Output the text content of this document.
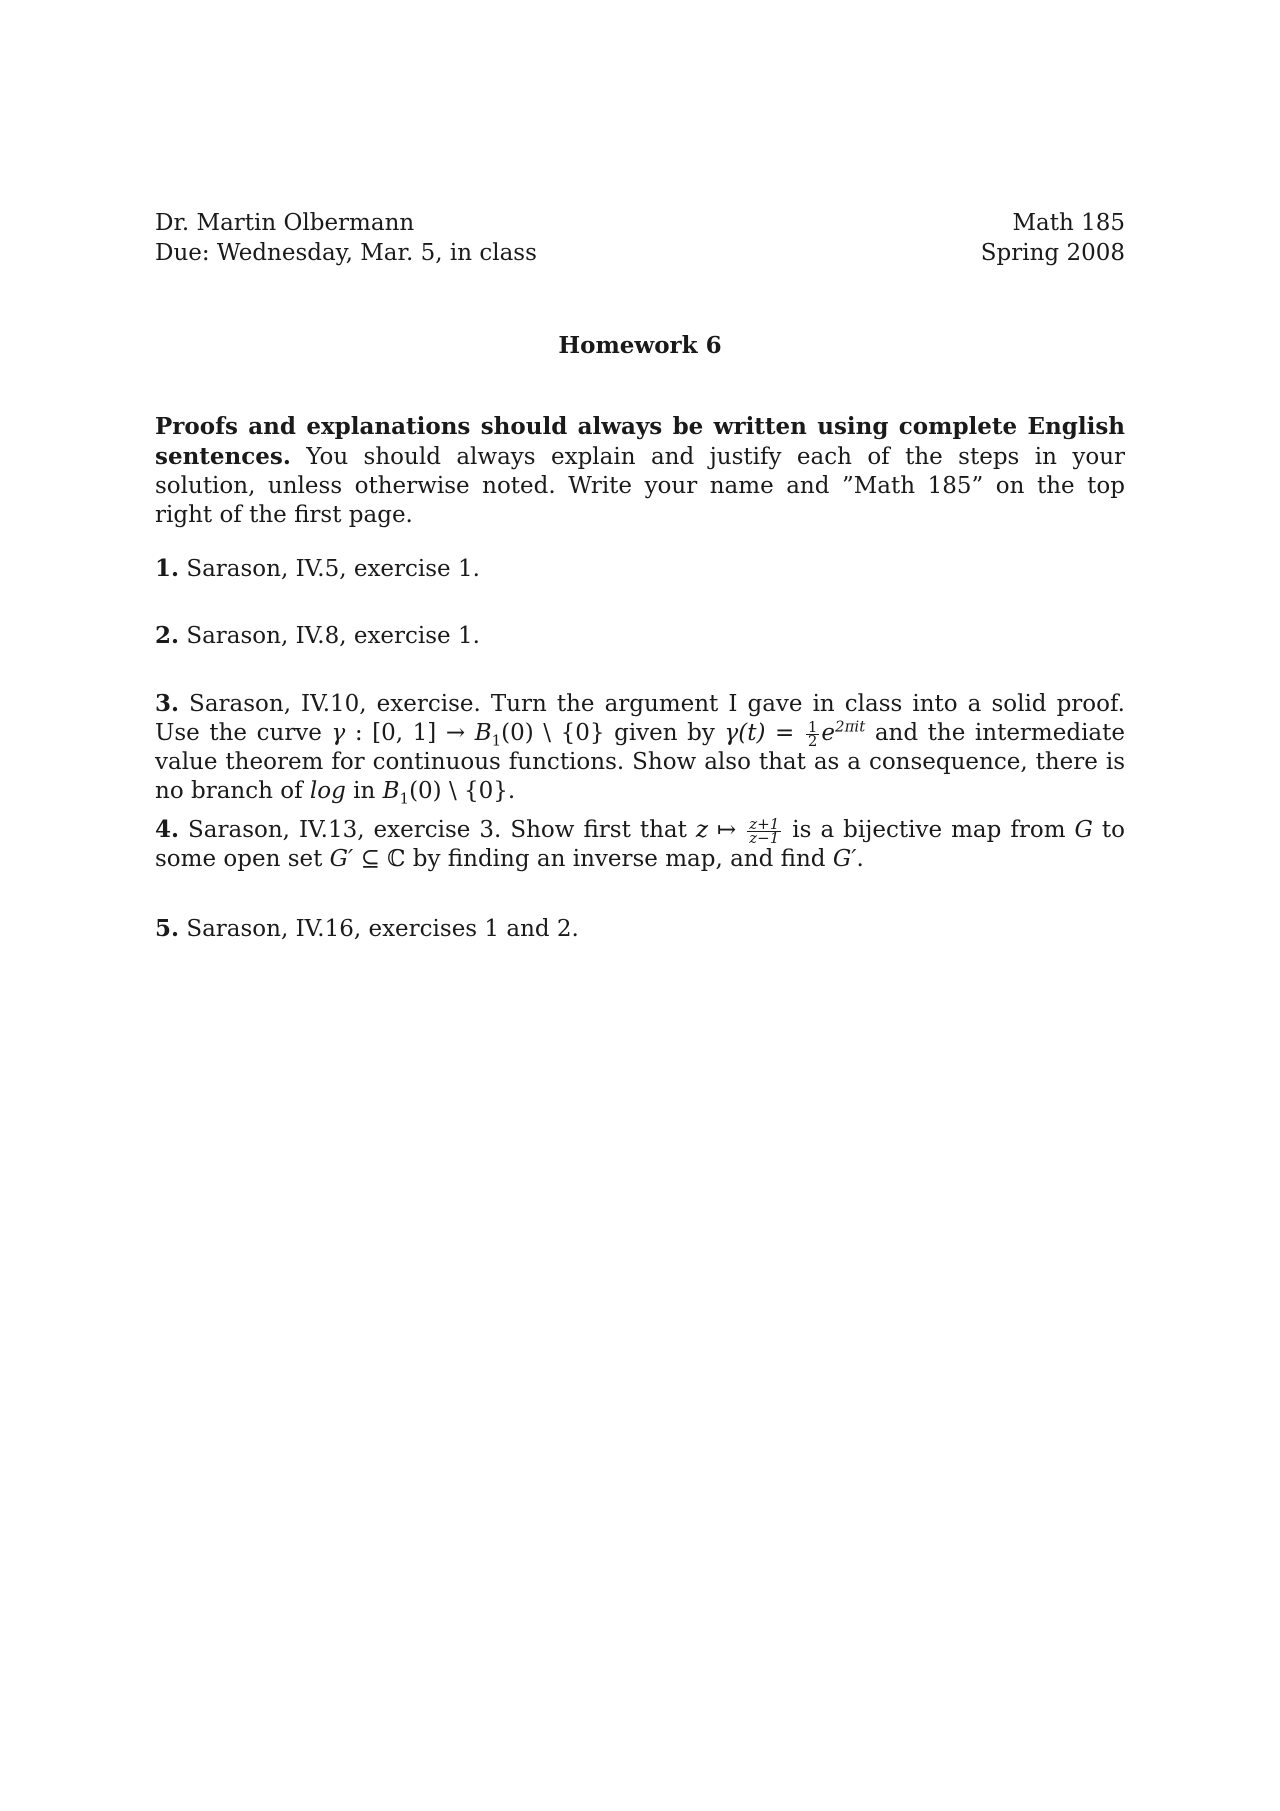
Dr. Martin Olbermann
Due: Wednesday, Mar. 5, in class
Math 185
Spring 2008
Homework 6
Proofs and explanations should always be written using complete English sentences. You should always explain and justify each of the steps in your solution, unless otherwise noted. Write your name and ”Math 185” on the top right of the first page.
1. Sarason, IV.5, exercise 1.
2. Sarason, IV.8, exercise 1.
3. Sarason, IV.10, exercise. Turn the argument I gave in class into a solid proof. Use the curve γ : [0, $1] \to B_1(0)$ \ {0} given by $\gamma(t) = \frac{1}{2} e^{2\pi it}$ and the intermediate value theorem for continuous functions. Show also that as a consequence, there is no branch of log in $B_1(0)$ \ {0}.
4. Sarason, IV.13, exercise 3. Show first that z ↦ $\frac{z+1}{z-1}$ is a bijective map from G to some open set G′ ⊆ ℂ by finding an inverse map, and find G′.
5. Sarason, IV.16, exercises 1 and 2.
